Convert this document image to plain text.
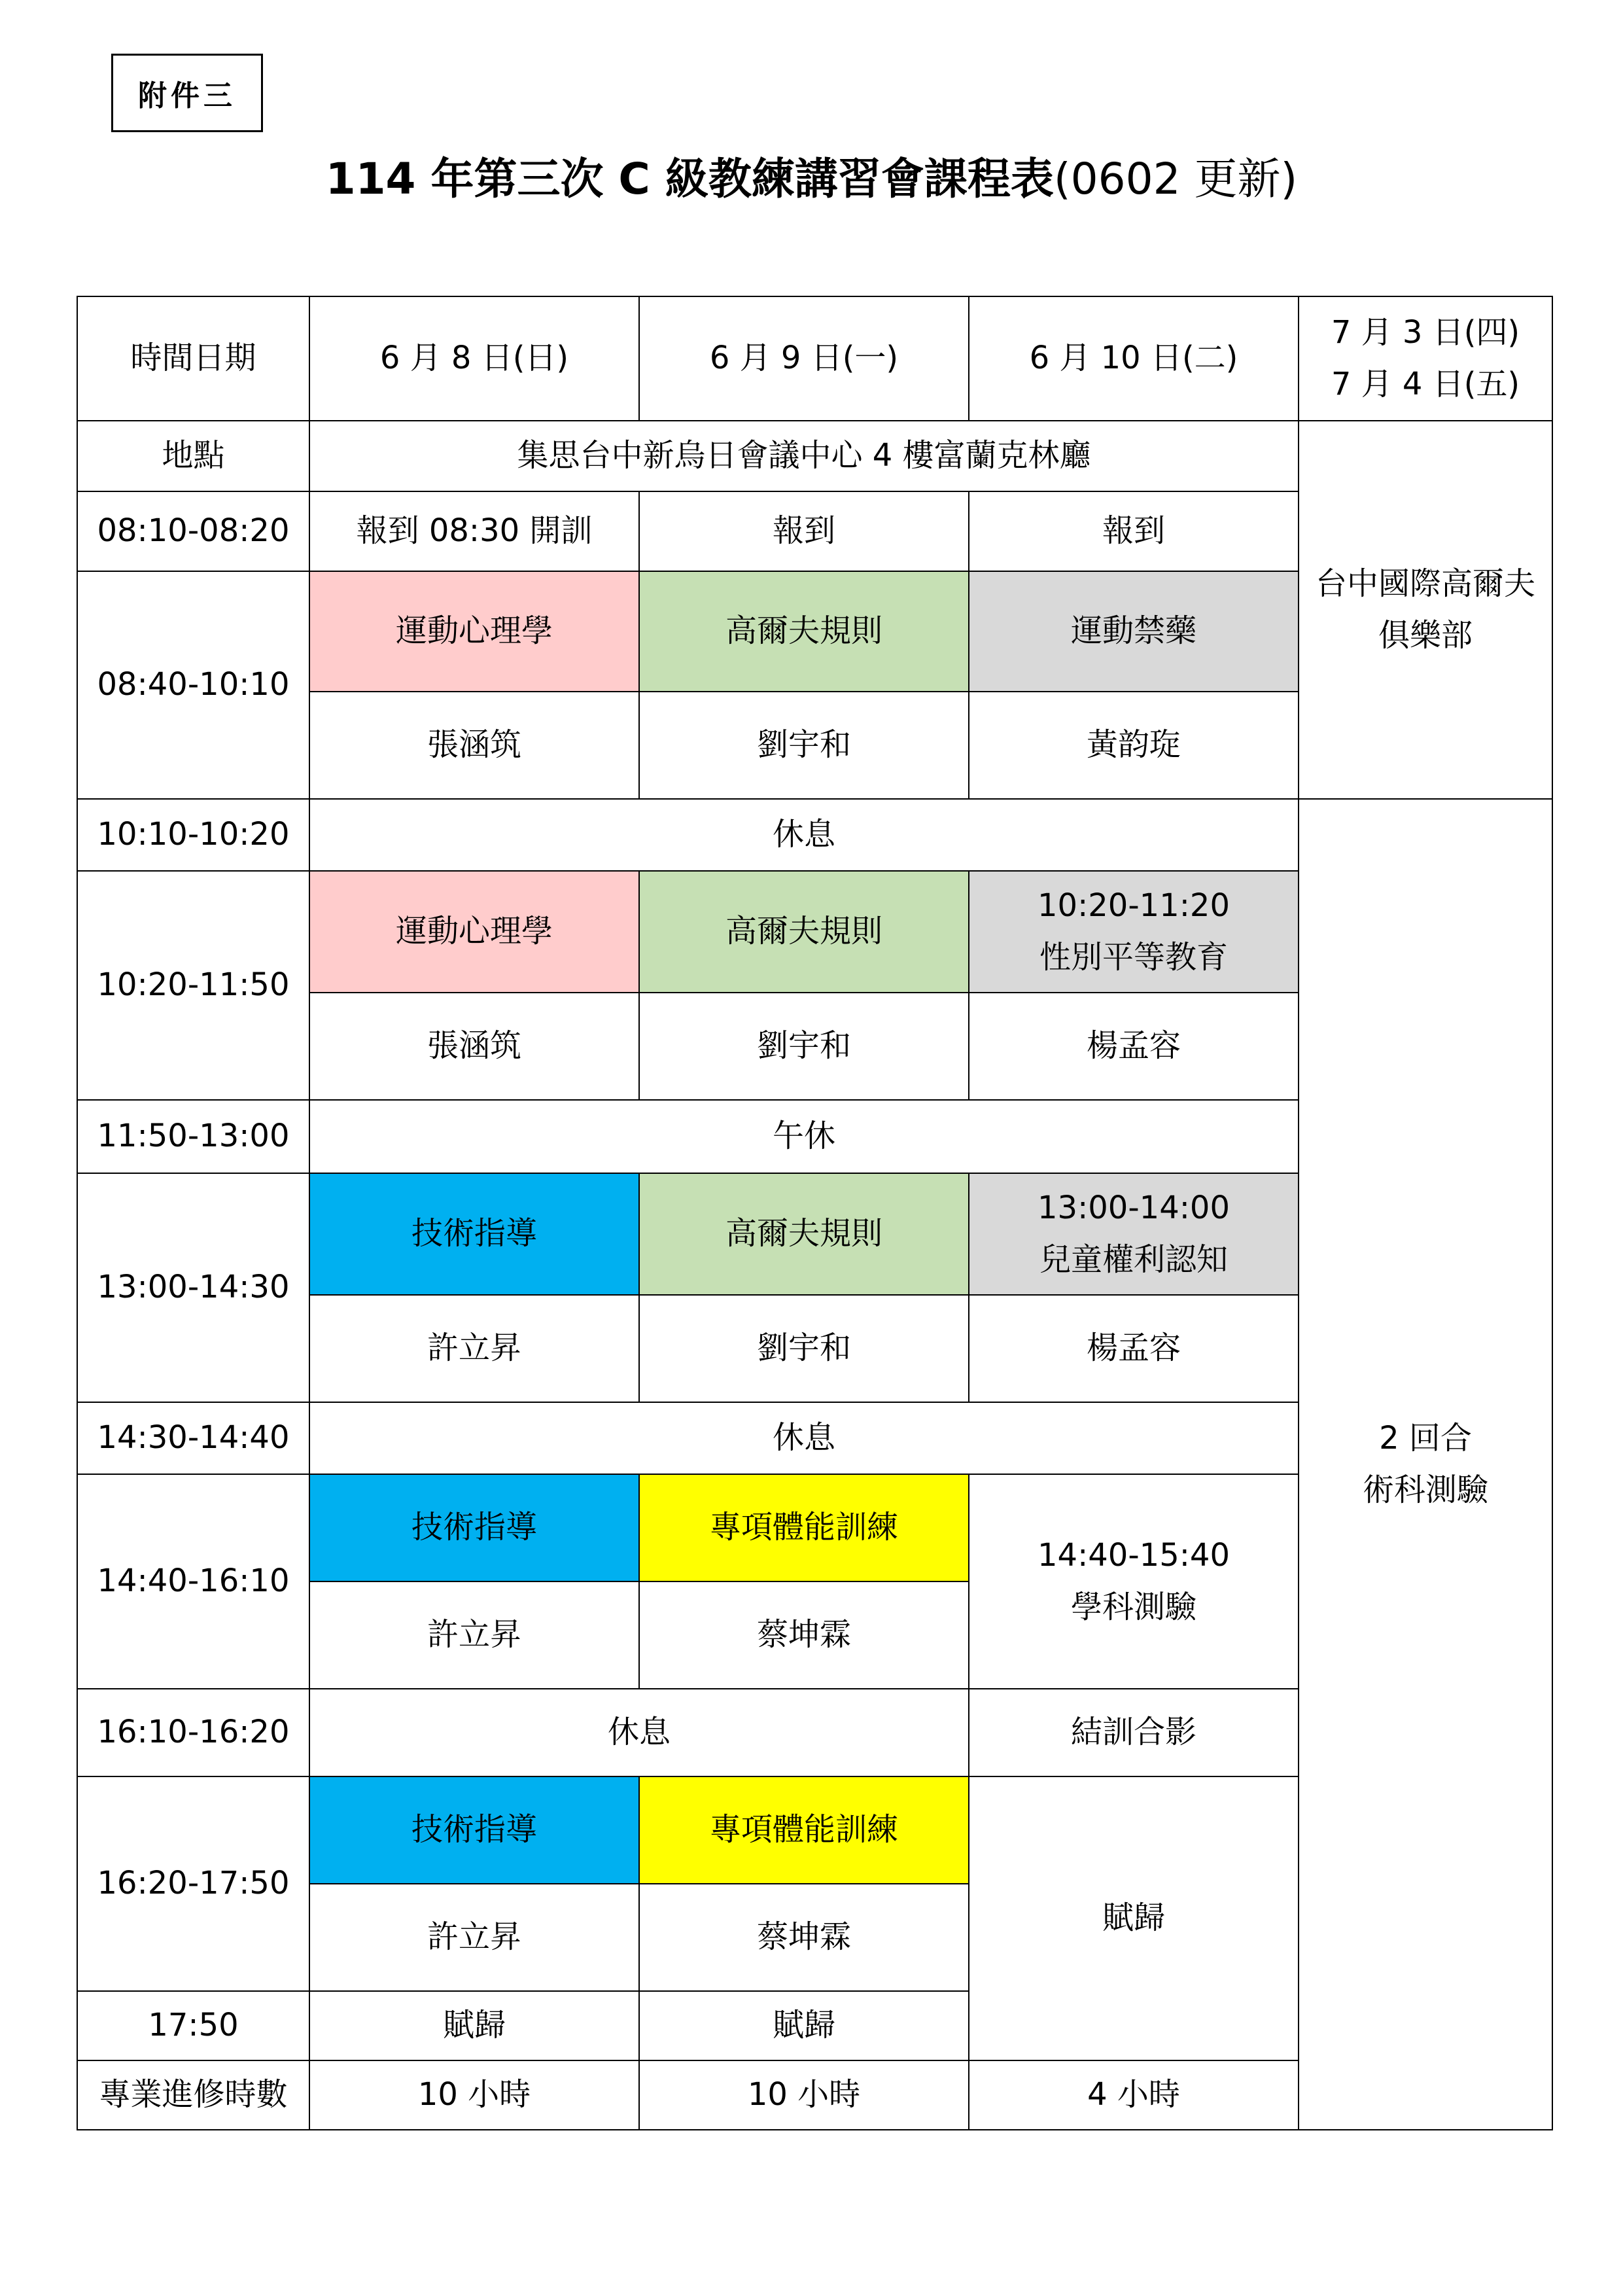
附件三
114 年第三次 C 級教練講習會課程表(0602 更新)
時間日期	6 月 8 日(日)	6 月 9 日(一)	6 月 10 日(二)	7 月 3 日(四)
7 月 4 日(五)

地點	集思台中新烏日會議中心 4 樓富蘭克林廳			台中國際高爾夫
俱樂部

08:10-08:20	報到 08:30 開訓	報到	報到	
08:40-10:10	運動心理學	高爾夫規則	運動禁藥	
	張涵筑	劉宇和	黃韵琁	
10:10-10:20	休息			2 回合
術科測驗

10:20-11:50	運動心理學	高爾夫規則	10:20-11:20
性別平等教育	

	張涵筑	劉宇和	楊孟容	
11:50-13:00	午休			
13:00-14:30	技術指導	高爾夫規則	13:00-14:00
兒童權利認知	

	許立昇	劉宇和	楊孟容	
14:30-14:40	休息			
14:40-16:10	技術指導	專項體能訓練	14:40-15:40
學科測驗	

	許立昇	蔡坤霖		
16:10-16:20	休息		結訓合影	
16:20-17:50	技術指導	專項體能訓練	賦歸	
	許立昇	蔡坤霖		
17:50	賦歸	賦歸		
專業進修時數	10 小時	10 小時	4 小時	
